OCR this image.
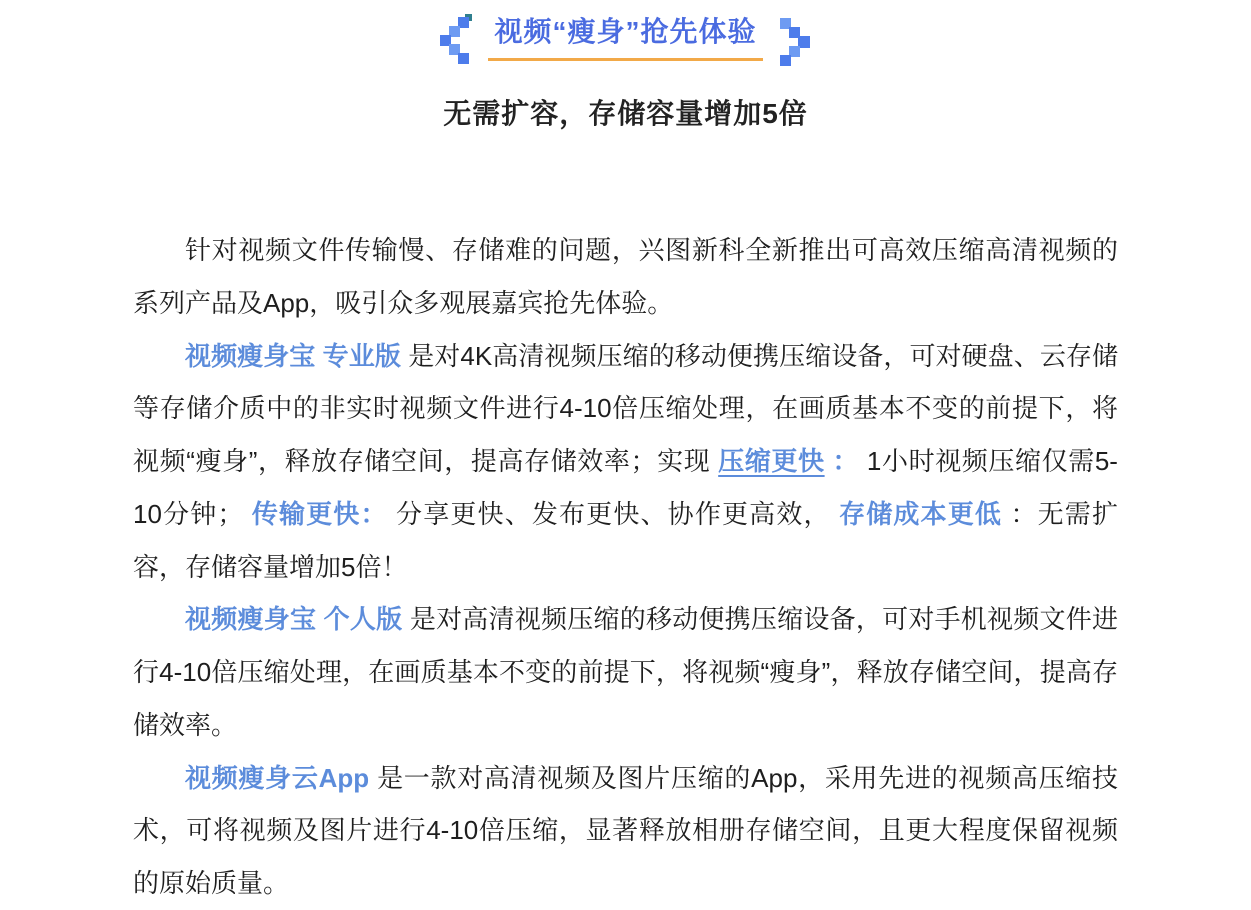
视频“瘦身”抢先体验
无需扩容，存储容量增加5倍

针对视频文件传输慢、存储难的问题，兴图新科全新推出可高效压缩高清视频的系列产品及App，吸引众多观展嘉宾抢先体验。

视频瘦身宝 专业版 是对4K高清视频压缩的移动便携压缩设备，可对硬盘、云存储等存储介质中的非实时视频文件进行4-10倍压缩处理，在画质基本不变的前提下，将视频“瘦身”，释放存储空间，提高存储效率；实现 压缩更快 ： 1小时视频压缩仅需5-10分钟； 传输更快： 分享更快、发布更快、协作更高效， 存储成本更低 ：无需扩容，存储容量增加5倍！

视频瘦身宝 个人版 是对高清视频压缩的移动便携压缩设备，可对手机视频文件进行4-10倍压缩处理，在画质基本不变的前提下，将视频“瘦身”，释放存储空间，提高存储效率。

视频瘦身云App 是一款对高清视频及图片压缩的App，采用先进的视频高压缩技术，可将视频及图片进行4-10倍压缩，显著释放相册存储空间，且更大程度保留视频的原始质量。
